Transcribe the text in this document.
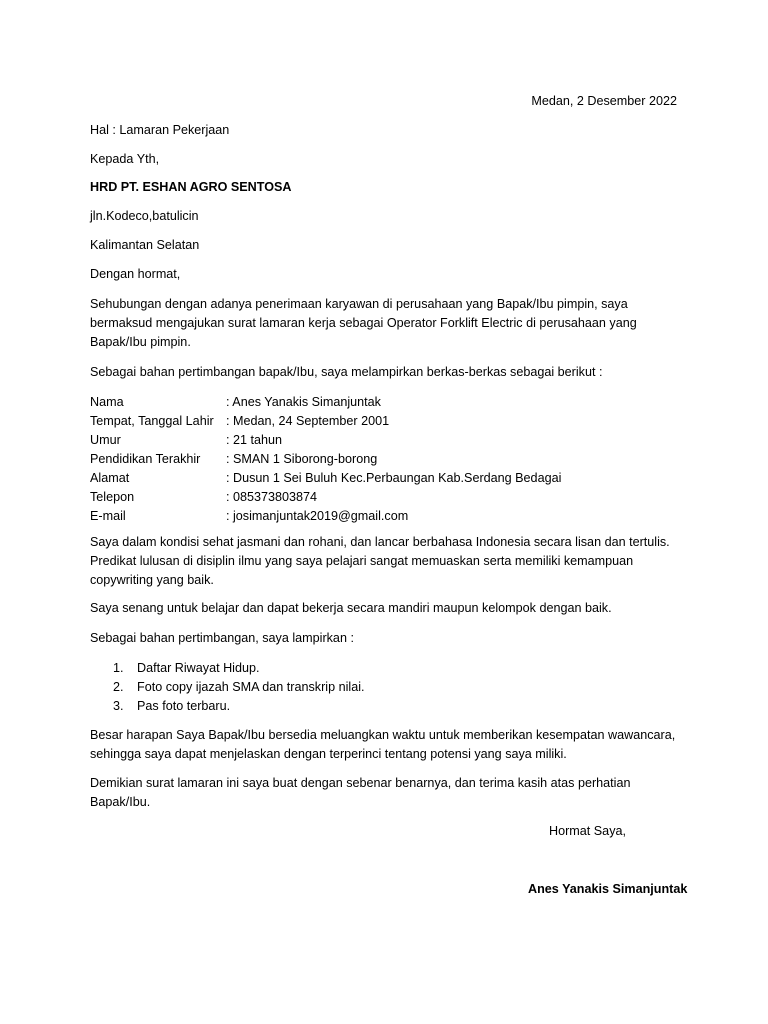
Medan, 2 Desember 2022

Hal : Lamaran Pekerjaan

Kepada Yth,

HRD PT. ESHAN AGRO SENTOSA

jln.Kodeco,batulicin

Kalimantan Selatan

Dengan hormat,

Sehubungan dengan adanya penerimaan karyawan di perusahaan yang Bapak/Ibu pimpin, saya bermaksud mengajukan surat lamaran kerja sebagai Operator Forklift Electric di perusahaan yang Bapak/Ibu pimpin.

Sebagai bahan pertimbangan bapak/Ibu, saya melampirkan berkas-berkas sebagai berikut :

Nama	: Anes Yanakis Simanjuntak
Tempat, Tanggal Lahir	: Medan, 24 September 2001
Umur	: 21 tahun
Pendidikan Terakhir	: SMAN 1 Siborong-borong
Alamat	: Dusun 1 Sei Buluh Kec.Perbaungan Kab.Serdang Bedagai
Telepon	: 085373803874
E-mail	: josimanjuntak2019@gmail.com

Saya dalam kondisi sehat jasmani dan rohani, dan lancar berbahasa Indonesia secara lisan dan tertulis. Predikat lulusan di disiplin ilmu yang saya pelajari sangat memuaskan serta memiliki kemampuan copywriting yang baik.

Saya senang untuk belajar dan dapat bekerja secara mandiri maupun kelompok dengan baik.

Sebagai bahan pertimbangan, saya lampirkan :

1.	Daftar Riwayat Hidup.
2.	Foto copy ijazah SMA dan transkrip nilai.
3.	Pas foto terbaru.

Besar harapan Saya Bapak/Ibu bersedia meluangkan waktu untuk memberikan kesempatan wawancara, sehingga saya dapat menjelaskan dengan terperinci tentang potensi yang saya miliki.

Demikian surat lamaran ini saya buat dengan sebenar benarnya, dan terima kasih atas perhatian Bapak/Ibu.

Hormat Saya,
Anes Yanakis Simanjuntak
